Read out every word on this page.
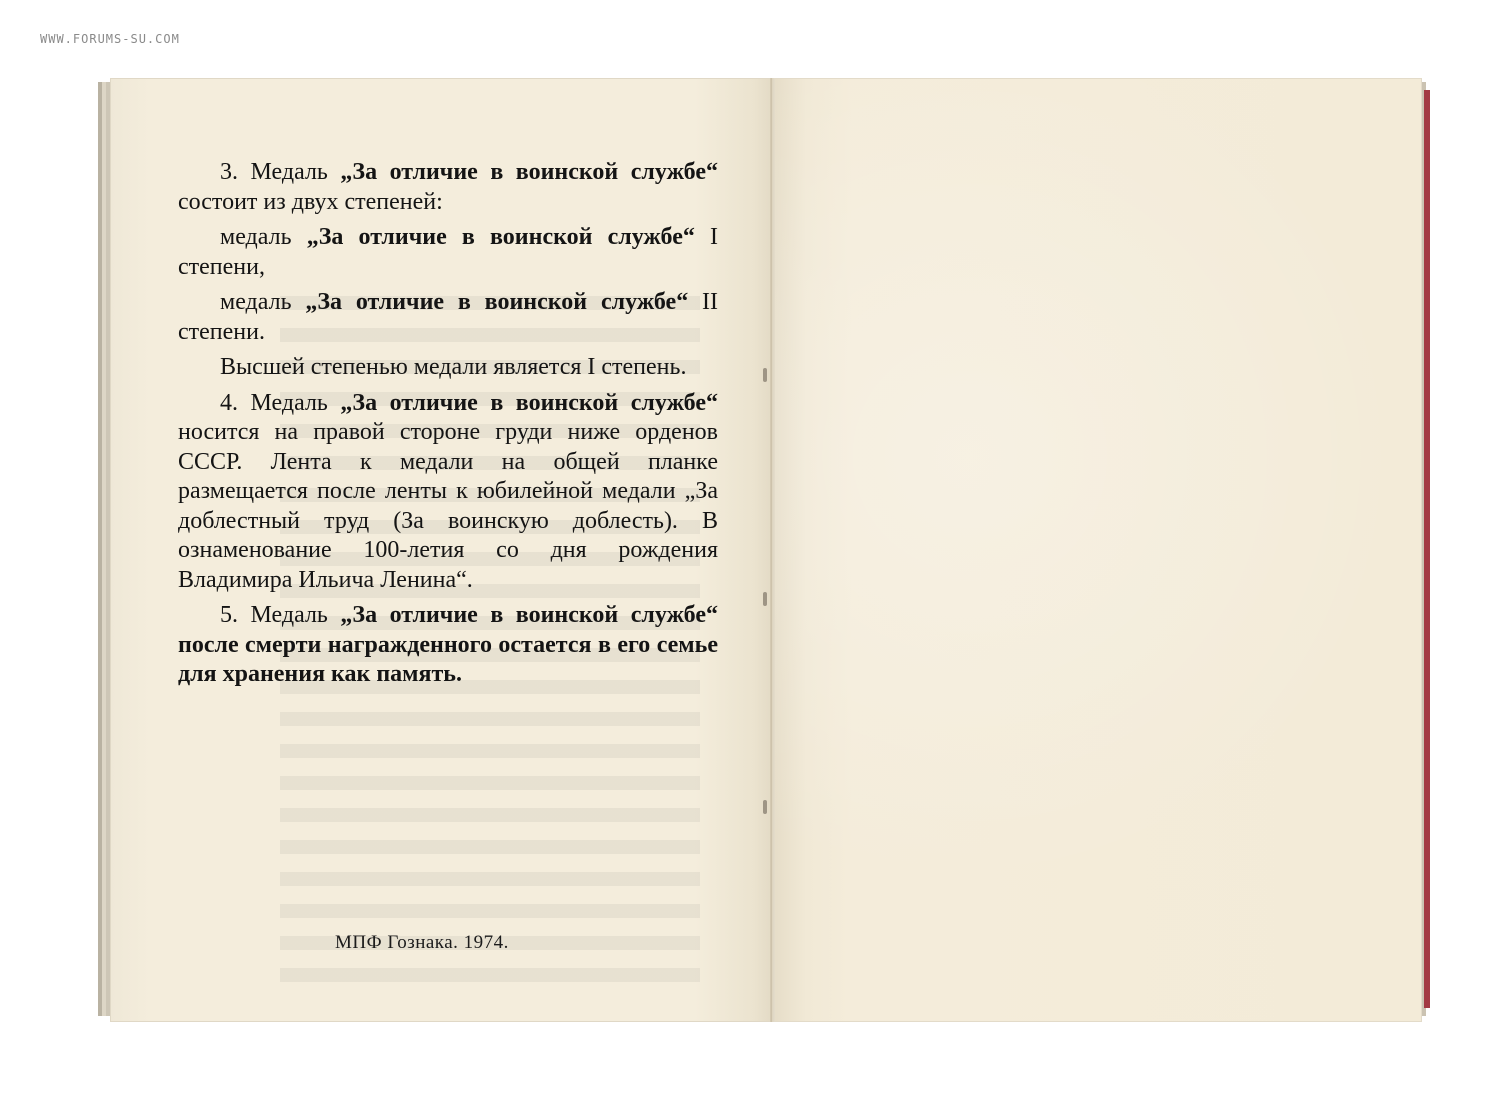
WWW.FORUMS-SU.COM

3. Медаль „За отличие в воинской службе“ состоит из двух степеней:

медаль „За отличие в воинской службе“ I степени,

медаль „За отличие в воинской службе“ II степени.

Высшей степенью медали является I степень.

4. Медаль „За отличие в воинской службе“ носится на правой стороне груди ниже орденов СССР. Лента к медали на общей планке размещается после ленты к юбилейной медали „За доблестный труд (За воинскую доблесть). В ознаменование 100-летия со дня рождения Владимира Ильича Ленина“.

5. Медаль „За отличие в воинской службе“ после смерти награжденного остается в его семье для хранения как память.

МПФ Гознака. 1974.
